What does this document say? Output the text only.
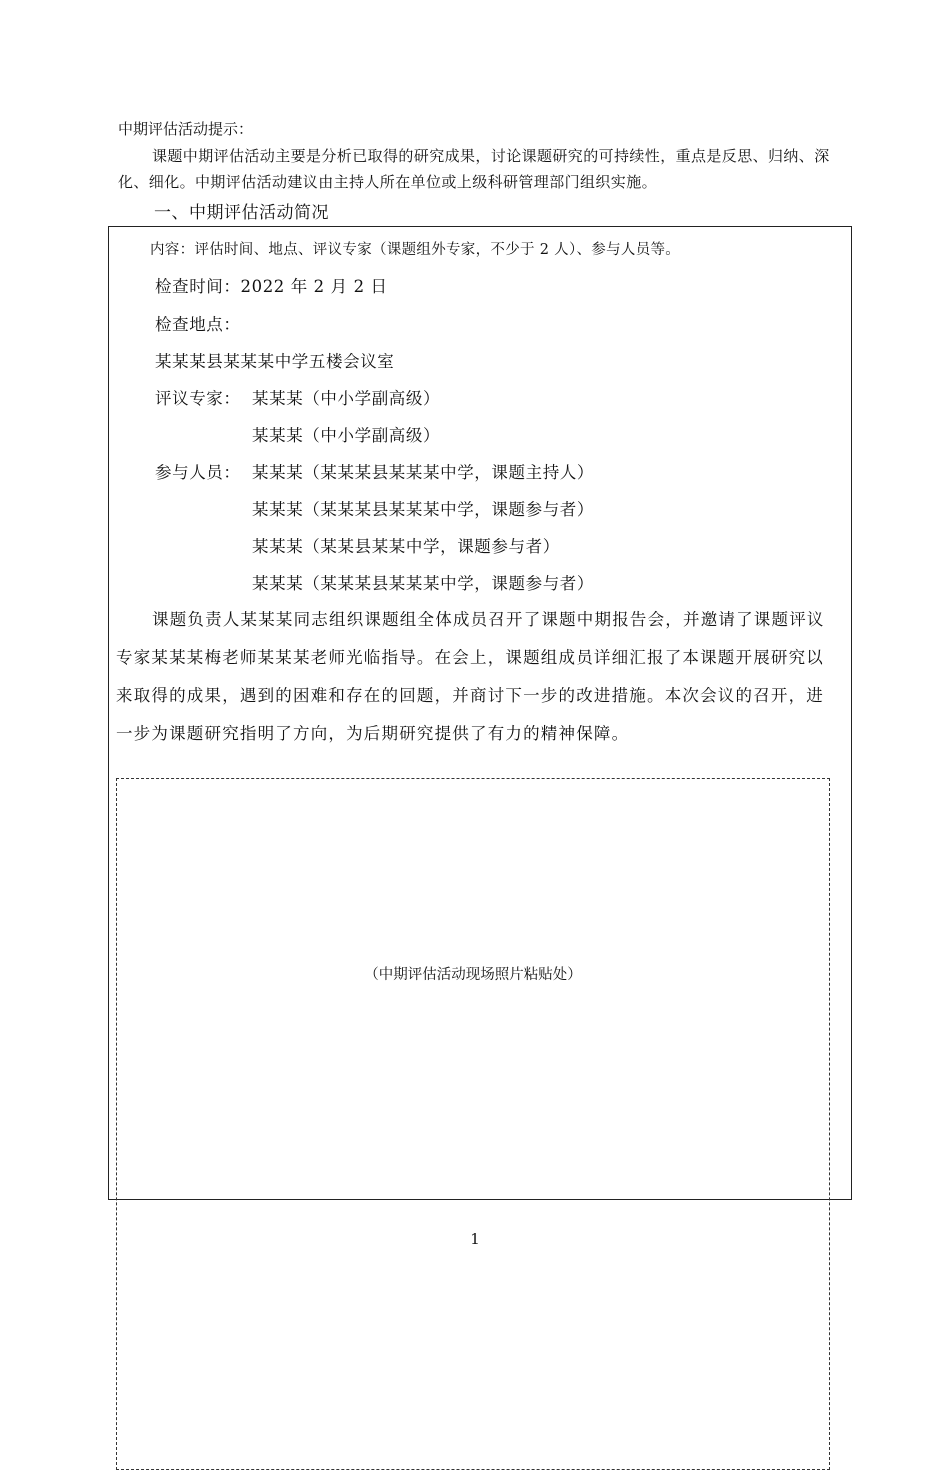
中期评估活动提示：
课题中期评估活动主要是分析已取得的研究成果，讨论课题研究的可持续性，重点是反思、归纳、深化、细化。中期评估活动建议由主持人所在单位或上级科研管理部门组织实施。
一、中期评估活动简况
内容：评估时间、地点、评议专家（课题组外专家，不少于 2 人）、参与人员等。
检查时间：2022 年 2 月 2 日
检查地点：
某某某县某某某中学五楼会议室
评议专家： 某某某（中小学副高级）
某某某（中小学副高级）
参与人员： 某某某（某某某县某某某中学，课题主持人）
某某某（某某某县某某某中学，课题参与者）
某某某（某某县某某中学，课题参与者）
某某某（某某某县某某某中学，课题参与者）
课题负责人某某某同志组织课题组全体成员召开了课题中期报告会，并邀请了课题评议专家某某某梅老师某某某老师光临指导。在会上，课题组成员详细汇报了本课题开展研究以来取得的成果，遇到的困难和存在的回题，并商讨下一步的改进措施。本次会议的召开，进一步为课题研究指明了方向，为后期研究提供了有力的精神保障。
（中期评估活动现场照片粘贴处）
1
